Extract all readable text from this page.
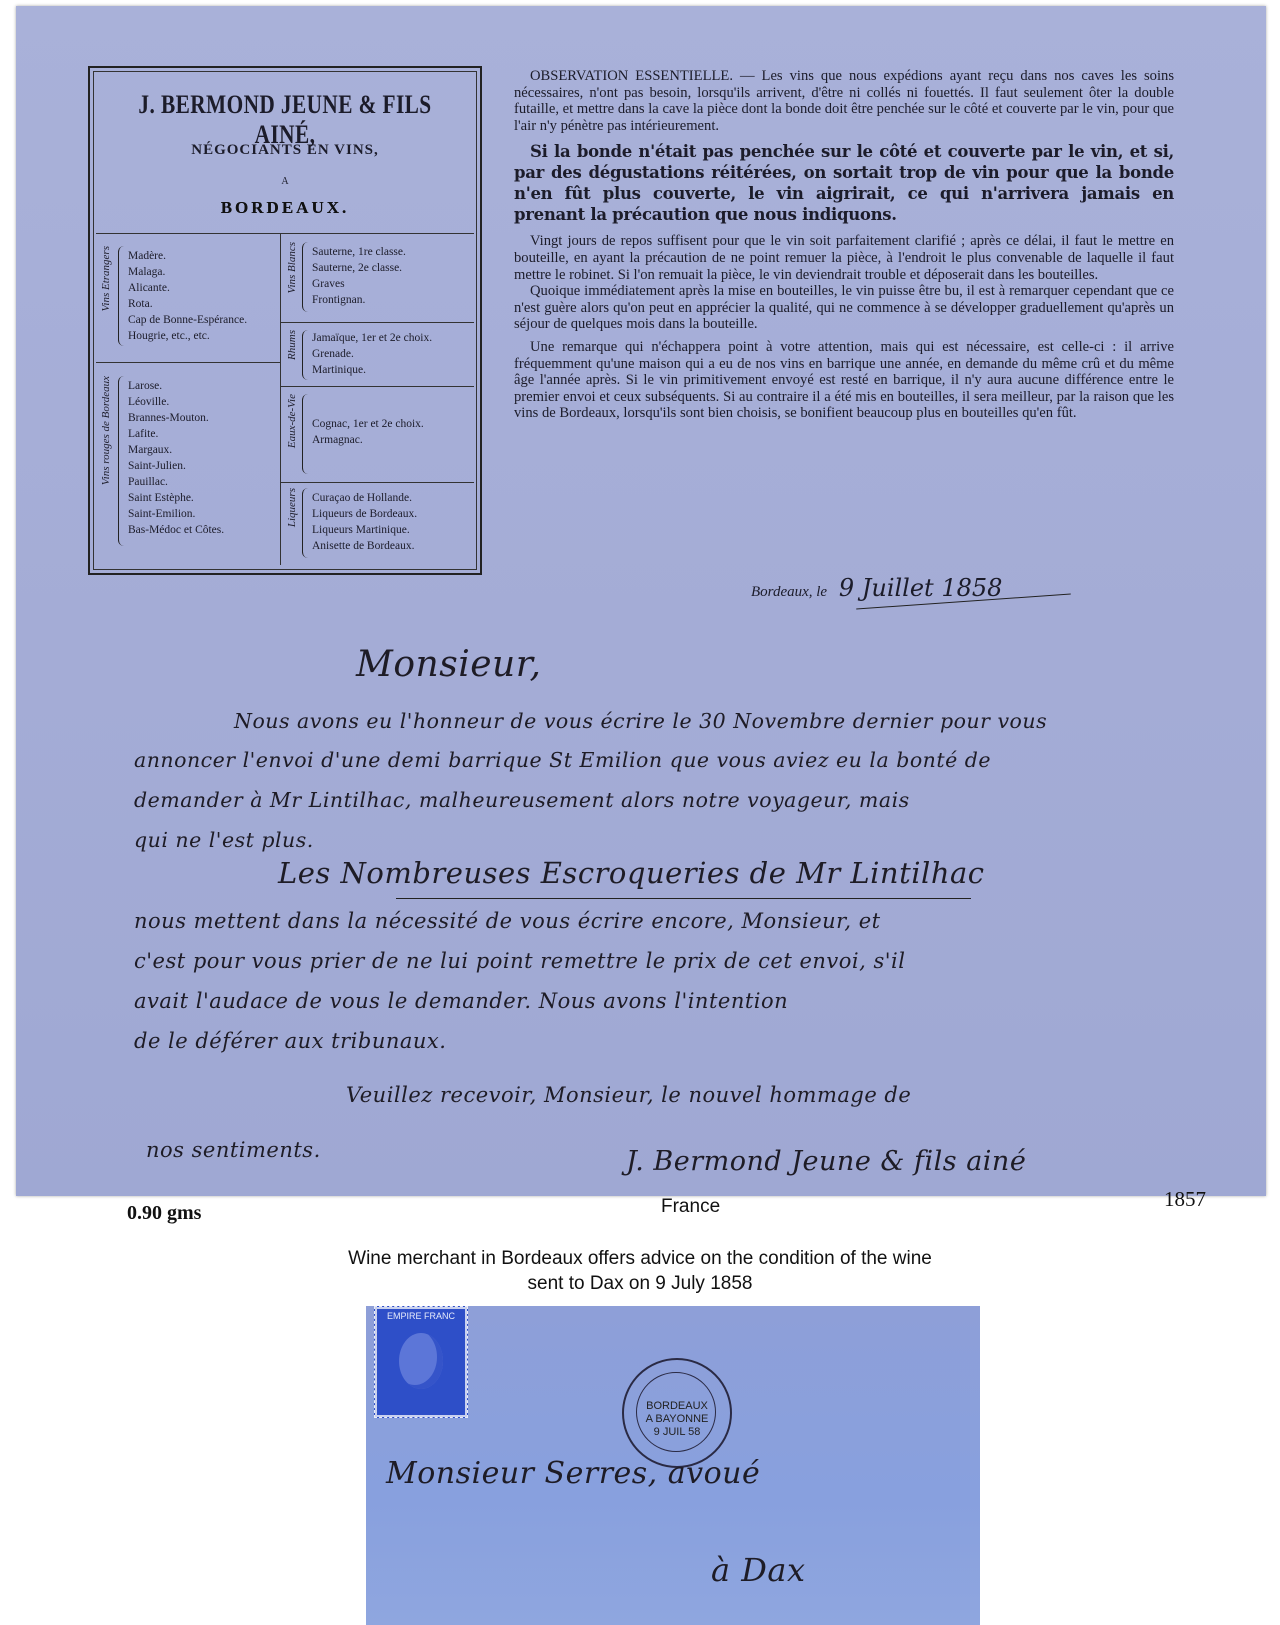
J. BERMOND JEUNE & FILS AINÉ,
NÉGOCIANTS EN VINS,
A
BORDEAUX.
Vins Etrangers Madère.
Malaga.
Alicante.
Rota.
Cap de Bonne-Espérance.
Hougrie, etc., etc.
Vins rouges de Bordeaux Larose.
Léoville.
Brannes-Mouton.
Lafite.
Margaux.
Saint-Julien.
Pauillac.
Saint Estèphe.
Saint-Emilion.
Bas-Médoc et Côtes.
Vins Blancs Sauterne, 1re classe.
Sauterne, 2e classe.
Graves
Frontignan.
Rhums Jamaïque, 1er et 2e choix.
Grenade.
Martinique.
Eaux-de-Vie Cognac, 1er et 2e choix.
Armagnac.
Liqueurs Curaçao de Hollande.
Liqueurs de Bordeaux.
Liqueurs Martinique.
Anisette de Bordeaux.

OBSERVATION ESSENTIELLE. — Les vins que nous expédions ayant reçu dans nos caves les soins nécessaires, n'ont pas besoin, lorsqu'ils arrivent, d'être ni collés ni fouettés. Il faut seulement ôter la double futaille, et mettre dans la cave la pièce dont la bonde doit être penchée sur le côté et couverte par le vin, pour que l'air n'y pénètre pas intérieurement.

Si la bonde n'était pas penchée sur le côté et couverte par le vin, et si, par des dégustations réitérées, on sortait trop de vin pour que la bonde n'en fût plus couverte, le vin aigrirait, ce qui n'arrivera jamais en prenant la précaution que nous indiquons.

Vingt jours de repos suffisent pour que le vin soit parfaitement clarifié ; après ce délai, il faut le mettre en bouteille, en ayant la précaution de ne point remuer la pièce, à l'endroit le plus convenable de laquelle il faut mettre le robinet. Si l'on remuait la pièce, le vin deviendrait trouble et déposerait dans les bouteilles.

Quoique immédiatement après la mise en bouteilles, le vin puisse être bu, il est à remarquer cependant que ce n'est guère alors qu'on peut en apprécier la qualité, qui ne commence à se développer graduellement qu'après un séjour de quelques mois dans la bouteille.

Une remarque qui n'échappera point à votre attention, mais qui est nécessaire, est celle-ci : il arrive fréquemment qu'une maison qui a eu de nos vins en barrique une année, en demande du même crû et du même âge l'année après. Si le vin primitivement envoyé est resté en barrique, il n'y aura aucune différence entre le premier envoi et ceux subséquents. Si au contraire il a été mis en bouteilles, il sera meilleur, par la raison que les vins de Bordeaux, lorsqu'ils sont bien choisis, se bonifient beaucoup plus en bouteilles qu'en fût.

Bordeaux, le 9 Juillet 1858
Monsieur,
Nous avons eu l'honneur de vous écrire le 30 Novembre dernier pour vous
annoncer l'envoi d'une demi barrique St Emilion que vous aviez eu la bonté de
demander à Mr Lintilhac, malheureusement alors notre voyageur, mais
qui ne l'est plus.
Les Nombreuses Escroqueries de Mr Lintilhac
nous mettent dans la nécessité de vous écrire encore, Monsieur, et
c'est pour vous prier de ne lui point remettre le prix de cet envoi, s'il
avait l'audace de vous le demander. Nous avons l'intention
de le déférer aux tribunaux.
Veuillez recevoir, Monsieur, le nouvel hommage de
nos sentiments.	J. Bermond Jeune & fils ainé
0.90 gms	France	1857
Wine merchant in Bordeaux offers advice on the condition of the wine
sent to Dax on 9 July 1858
EMPIRE FRANC
BORDEAUX A BAYONNE 9 JUIL 58
Monsieur Serres, avoué
à Dax
